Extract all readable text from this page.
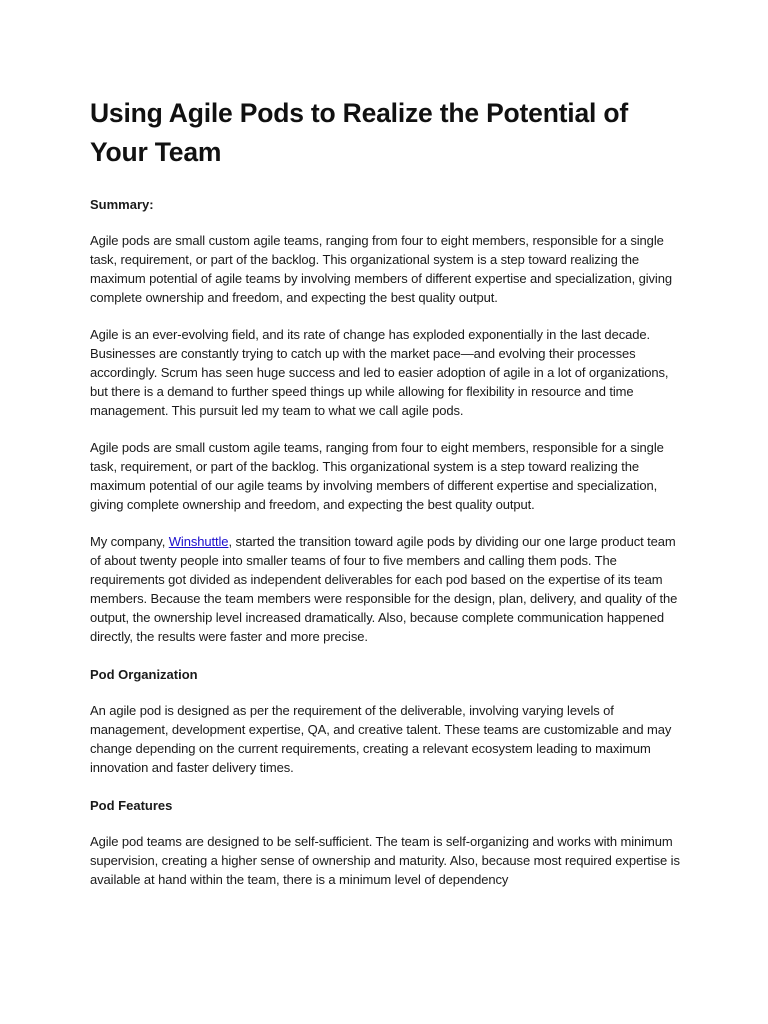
Using Agile Pods to Realize the Potential of Your Team
Summary:

Agile pods are small custom agile teams, ranging from four to eight members, responsible for a single task, requirement, or part of the backlog. This organizational system is a step toward realizing the maximum potential of agile teams by involving members of different expertise and specialization, giving complete ownership and freedom, and expecting the best quality output.

Agile is an ever-evolving field, and its rate of change has exploded exponentially in the last decade. Businesses are constantly trying to catch up with the market pace—and evolving their processes accordingly. Scrum has seen huge success and led to easier adoption of agile in a lot of organizations, but there is a demand to further speed things up while allowing for flexibility in resource and time management. This pursuit led my team to what we call agile pods.

Agile pods are small custom agile teams, ranging from four to eight members, responsible for a single task, requirement, or part of the backlog. This organizational system is a step toward realizing the maximum potential of our agile teams by involving members of different expertise and specialization, giving complete ownership and freedom, and expecting the best quality output.

My company, Winshuttle, started the transition toward agile pods by dividing our one large product team of about twenty people into smaller teams of four to five members and calling them pods. The requirements got divided as independent deliverables for each pod based on the expertise of its team members. Because the team members were responsible for the design, plan, delivery, and quality of the output, the ownership level increased dramatically. Also, because complete communication happened directly, the results were faster and more precise.

Pod Organization

An agile pod is designed as per the requirement of the deliverable, involving varying levels of management, development expertise, QA, and creative talent. These teams are customizable and may change depending on the current requirements, creating a relevant ecosystem leading to maximum innovation and faster delivery times.

Pod Features

Agile pod teams are designed to be self-sufficient. The team is self-organizing and works with minimum supervision, creating a higher sense of ownership and maturity. Also, because most required expertise is available at hand within the team, there is a minimum level of dependency
